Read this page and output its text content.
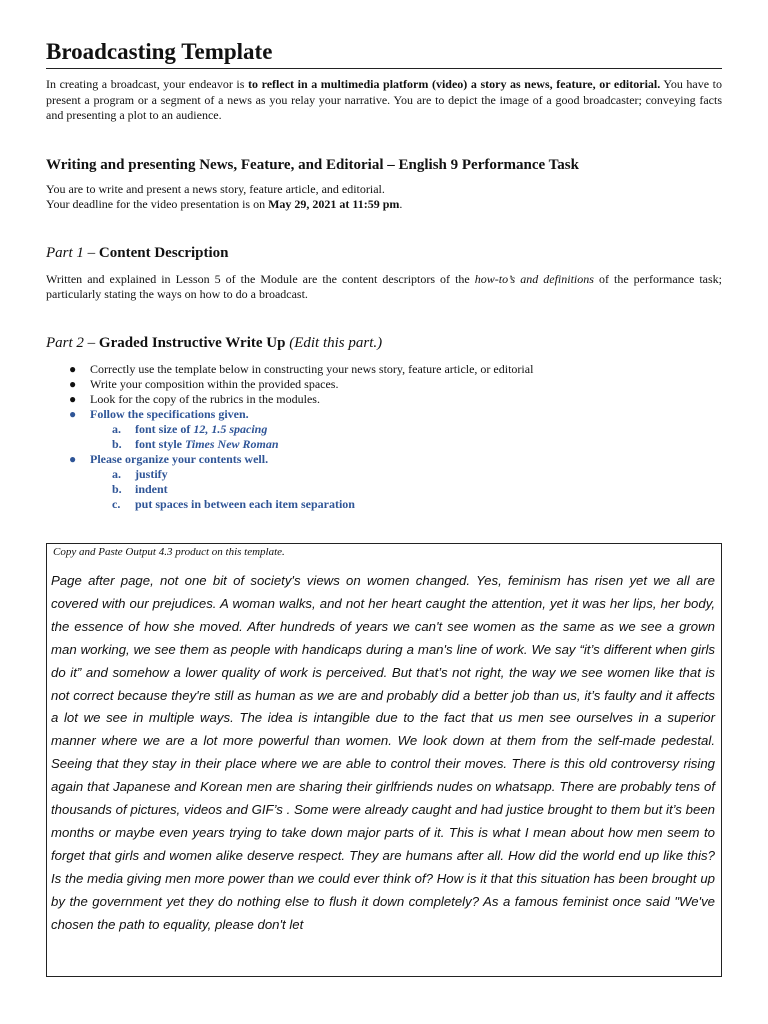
Broadcasting Template
In creating a broadcast, your endeavor is to reflect in a multimedia platform (video) a story as news, feature, or editorial. You have to present a program or a segment of a news as you relay your narrative. You are to depict the image of a good broadcaster; conveying facts and presenting a plot to an audience.
Writing and presenting News, Feature, and Editorial – English 9 Performance Task
You are to write and present a news story, feature article, and editorial.
Your deadline for the video presentation is on May 29, 2021 at 11:59 pm.
Part 1 – Content Description
Written and explained in Lesson 5 of the Module are the content descriptors of the how-to’s and definitions of the performance task; particularly stating the ways on how to do a broadcast.
Part 2 – Graded Instructive Write Up (Edit this part.)
● Correctly use the template below in constructing your news story, feature article, or editorial
● Write your composition within the provided spaces.
● Look for the copy of the rubrics in the modules.
● Follow the specifications given.
a.	font size of 12, 1.5 spacing
b.	font style Times New Roman
● Please organize your contents well.
a.	justify
b.	indent
c.	put spaces in between each item separation
Copy and Paste Output 4.3 product on this template.
Page after page, not one bit of society's views on women changed. Yes, feminism has risen yet we all are covered with our prejudices. A woman walks, and not her heart caught the attention, yet it was her lips, her body, the essence of how she moved. After hundreds of years we can't see women as the same as we see a grown man working, we see them as people with handicaps during a man's line of work. We say “it’s different when girls do it” and somehow a lower quality of work is perceived. But that’s not right, the way we see women like that is not correct because they're still as human as we are and probably did a better job than us, it’s faulty and it affects a lot we see in multiple ways. The idea is intangible due to the fact that us men see ourselves in a superior manner where we are a lot more powerful than women. We look down at them from the self-made pedestal. Seeing that they stay in their place where we are able to control their moves. There is this old controversy rising again that Japanese and Korean men are sharing their girlfriends nudes on whatsapp. There are probably tens of thousands of pictures, videos and GIF’s . Some were already caught and had justice brought to them but it’s been months or maybe even years trying to take down major parts of it. This is what I mean about how men seem to forget that girls and women alike deserve respect. They are humans after all. How did the world end up like this? Is the media giving men more power than we could ever think of? How is it that this situation has been brought up by the government yet they do nothing else to flush it down completely? As a famous feminist once said "We've chosen the path to equality, please don't let
